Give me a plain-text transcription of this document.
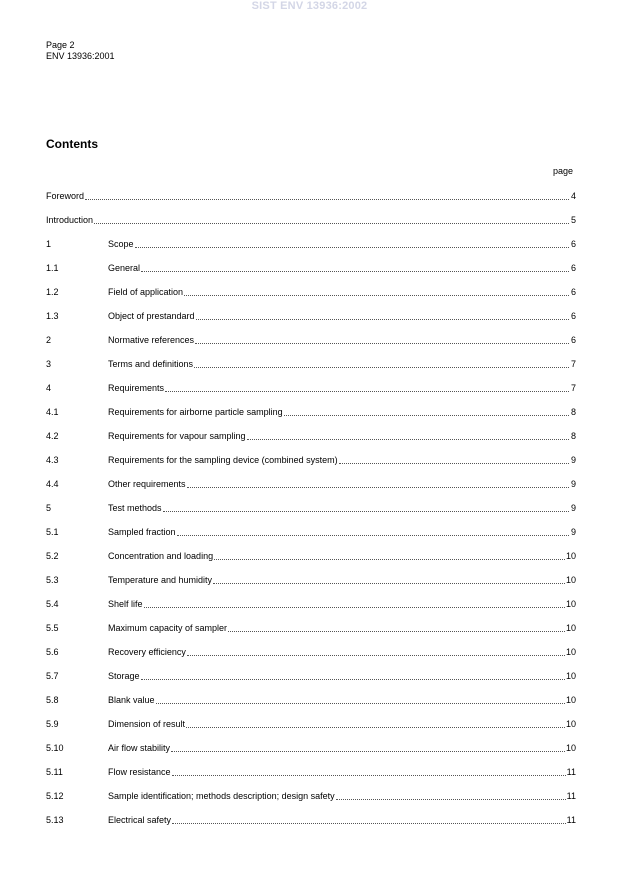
SIST ENV 13936:2002
Page 2
ENV 13936:2001
Contents
page
Foreword	4
Introduction	5
1	Scope	6
1.1	General	6
1.2	Field of application	6
1.3	Object of prestandard	6
2	Normative references	6
3	Terms and definitions	7
4	Requirements	7
4.1	Requirements for airborne particle sampling	8
4.2	Requirements for vapour sampling	8
4.3	Requirements for the sampling device (combined system)	9
4.4	Other requirements	9
5	Test methods	9
5.1	Sampled fraction	9
5.2	Concentration and loading	10
5.3	Temperature and humidity	10
5.4	Shelf life	10
5.5	Maximum capacity of sampler	10
5.6	Recovery efficiency	10
5.7	Storage	10
5.8	Blank value	10
5.9	Dimension of result	10
5.10	Air flow stability	10
5.11	Flow resistance	11
5.12	Sample identification; methods description; design safety	11
5.13	Electrical safety	11
